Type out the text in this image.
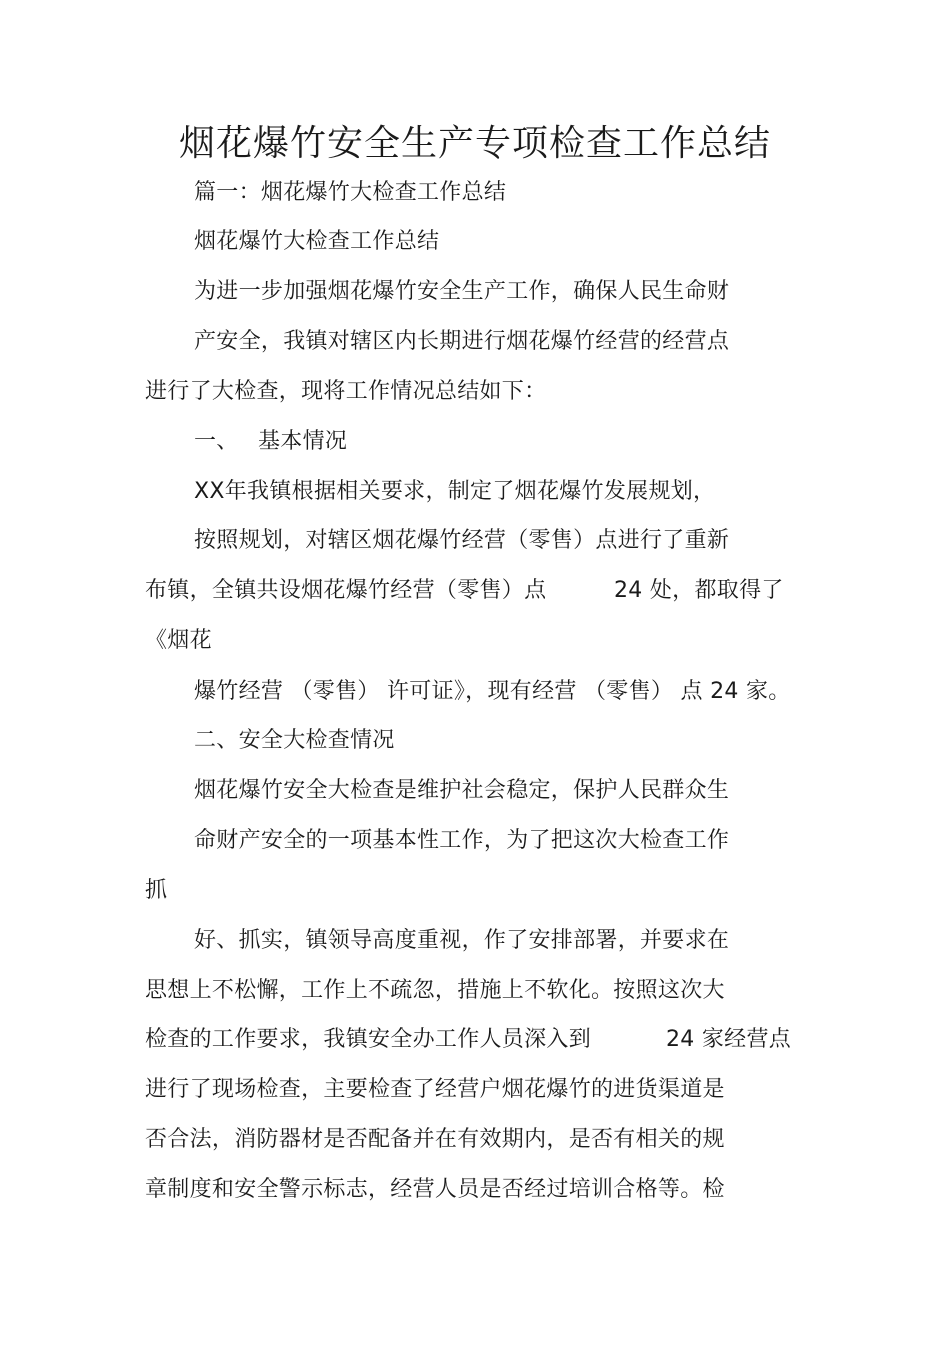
烟花爆竹安全生产专项检查工作总结

篇一：烟花爆竹大检查工作总结

烟花爆竹大检查工作总结

为进一步加强烟花爆竹安全生产工作，确保人民生命财

产安全，我镇对辖区内长期进行烟花爆竹经营的经营点

进行了大检查，现将工作情况总结如下：

一、 基本情况

XX年我镇根据相关要求，制定了烟花爆竹发展规划，

按照规划，对辖区烟花爆竹经营（零售）点进行了重新

布镇，全镇共设烟花爆竹经营（零售）点	24 处，都取得了

《烟花

爆竹经营 （零售） 许可证》，现有经营 （零售） 点 24 家。

二、安全大检查情况

烟花爆竹安全大检查是维护社会稳定，保护人民群众生

命财产安全的一项基本性工作，为了把这次大检查工作

抓

好、抓实，镇领导高度重视，作了安排部署，并要求在

思想上不松懈，工作上不疏忽，措施上不软化。按照这次大

检查的工作要求，我镇安全办工作人员深入到	24 家经营点

进行了现场检查，主要检查了经营户烟花爆竹的进货渠道是

否合法，消防器材是否配备并在有效期内，是否有相关的规

章制度和安全警示标志，经营人员是否经过培训合格等。检
